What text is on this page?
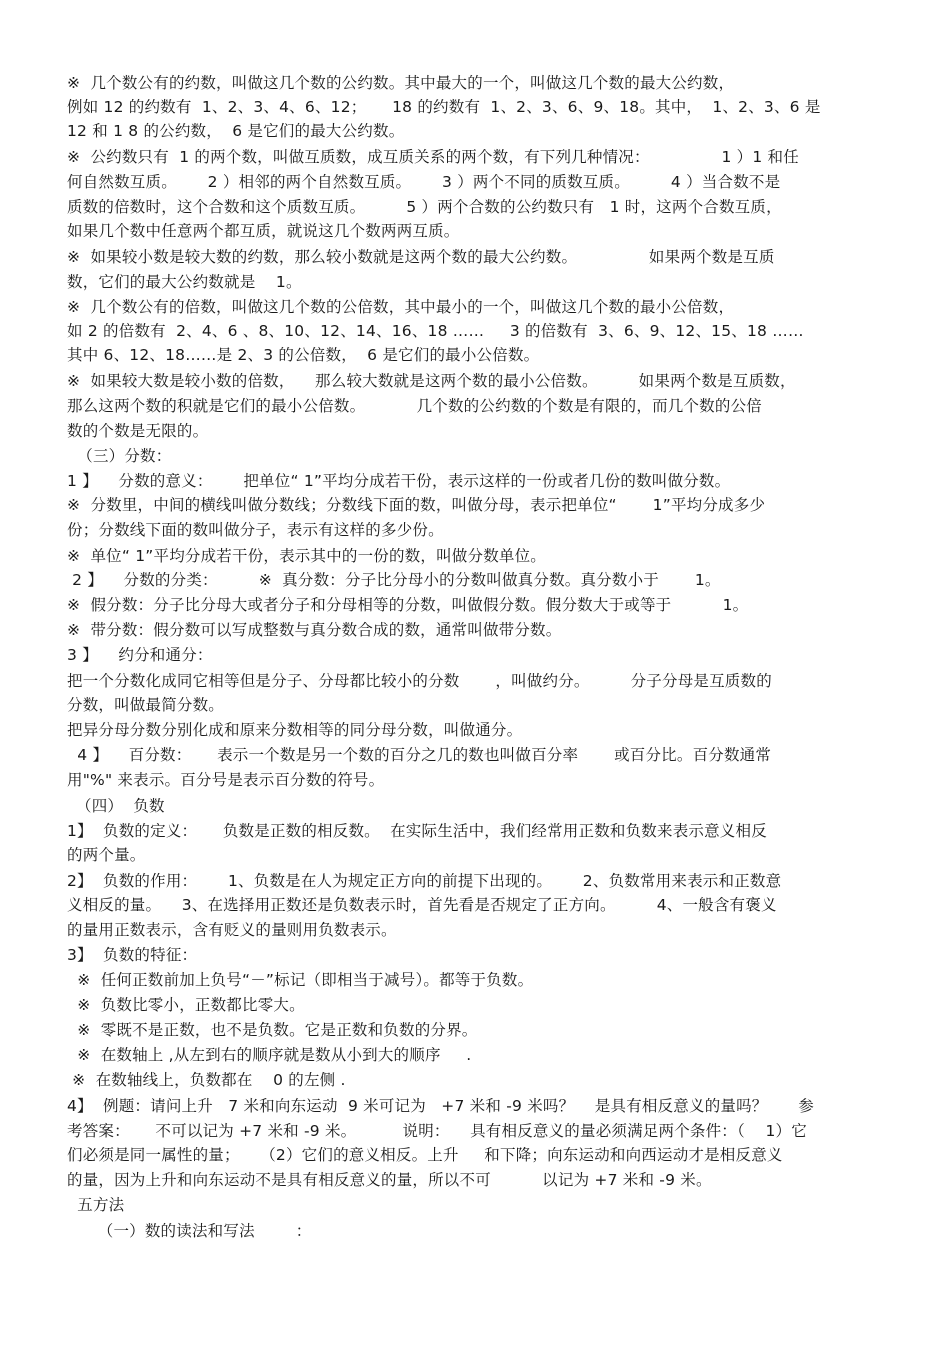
※  几个数公有的约数，叫做这几个数的公约数。其中最大的一个，叫做这几个数的最大公约数，
例如 12 的约数有  1、2、3、4、6、12；     18 的约数有  1、2、3、6、9、18。其中，  1、2、3、6 是
12 和 1 8 的公约数，  6 是它们的最大公约数。
※  公约数只有  1 的两个数，叫做互质数，成互质关系的两个数，有下列几种情况：              1 ）1 和任
何自然数互质。      2 ）相邻的两个自然数互质。      3 ）两个不同的质数互质。        4 ）当合数不是
质数的倍数时，这个合数和这个质数互质。        5 ）两个合数的公约数只有   1 时，这两个合数互质，
如果几个数中任意两个都互质，就说这几个数两两互质。
※  如果较小数是较大数的约数，那么较小数就是这两个数的最大公约数。              如果两个数是互质
数，它们的最大公约数就是    1。
※  几个数公有的倍数，叫做这几个数的公倍数，其中最小的一个，叫做这几个数的最小公倍数，
如 2 的倍数有  2、4、6 、8、10、12、14、16、18 ……     3 的倍数有  3、6、9、12、15、18 ……
其中 6、12、18……是 2、3 的公倍数，  6 是它们的最小公倍数。
※  如果较大数是较小数的倍数，    那么较大数就是这两个数的最小公倍数。        如果两个数是互质数，
那么这两个数的积就是它们的最小公倍数。          几个数的公约数的个数是有限的，而几个数的公倍
数的个数是无限的。
（三）分数：
1 】    分数的意义：      把单位“ 1”平均分成若干份，表示这样的一份或者几份的数叫做分数。
※  分数里，中间的横线叫做分数线；分数线下面的数，叫做分母，表示把单位“       1”平均分成多少
份；分数线下面的数叫做分子，表示有这样的多少份。
※  单位“ 1”平均分成若干份，表示其中的一份的数，叫做分数单位。
2 】    分数的分类：        ※  真分数：分子比分母小的分数叫做真分数。真分数小于       1。
※  假分数：分子比分母大或者分子和分母相等的分数，叫做假分数。假分数大于或等于          1。
※  带分数：假分数可以写成整数与真分数合成的数，通常叫做带分数。
3 】    约分和通分：
把一个分数化成同它相等但是分子、分母都比较小的分数       ，叫做约分。        分子分母是互质数的
分数，叫做最简分数。
把异分母分数分别化成和原来分数相等的同分母分数，叫做通分。
4 】    百分数：     表示一个数是另一个数的百分之几的数也叫做百分率       或百分比。百分数通常
用"%" 来表示。百分号是表示百分数的符号。
（四）  负数
1】  负数的定义：     负数是正数的相反数。  在实际生活中，我们经常用正数和负数来表示意义相反
的两个量。
2】  负数的作用：      1、负数是在人为规定正方向的前提下出现的。      2、负数常用来表示和正数意
义相反的量。    3、在选择用正数还是负数表示时，首先看是否规定了正方向。        4、一般含有褒义
的量用正数表示，含有贬义的量则用负数表示。
3】  负数的特征：
※  任何正数前加上负号“－”标记（即相当于减号）。都等于负数。
※  负数比零小，正数都比零大。
※  零既不是正数，也不是负数。它是正数和负数的分界。
※  在数轴上 ,从左到右的顺序就是数从小到大的顺序     .
※  在数轴线上，负数都在    0 的左侧 .
4】  例题：请问上升   7 米和向东运动  9 米可记为   +7 米和 -9 米吗？    是具有相反意义的量吗？      参
考答案：     不可以记为 +7 米和 -9 米。         说明：    具有相反意义的量必须满足两个条件：（    1）它
们必须是同一属性的量；    （2）它们的意义相反。上升     和下降；向东运动和向西运动才是相反意义
的量，因为上升和向东运动不是具有相反意义的量，所以不可          以记为 +7 米和 -9 米。
五方法
（一）数的读法和写法        ：
